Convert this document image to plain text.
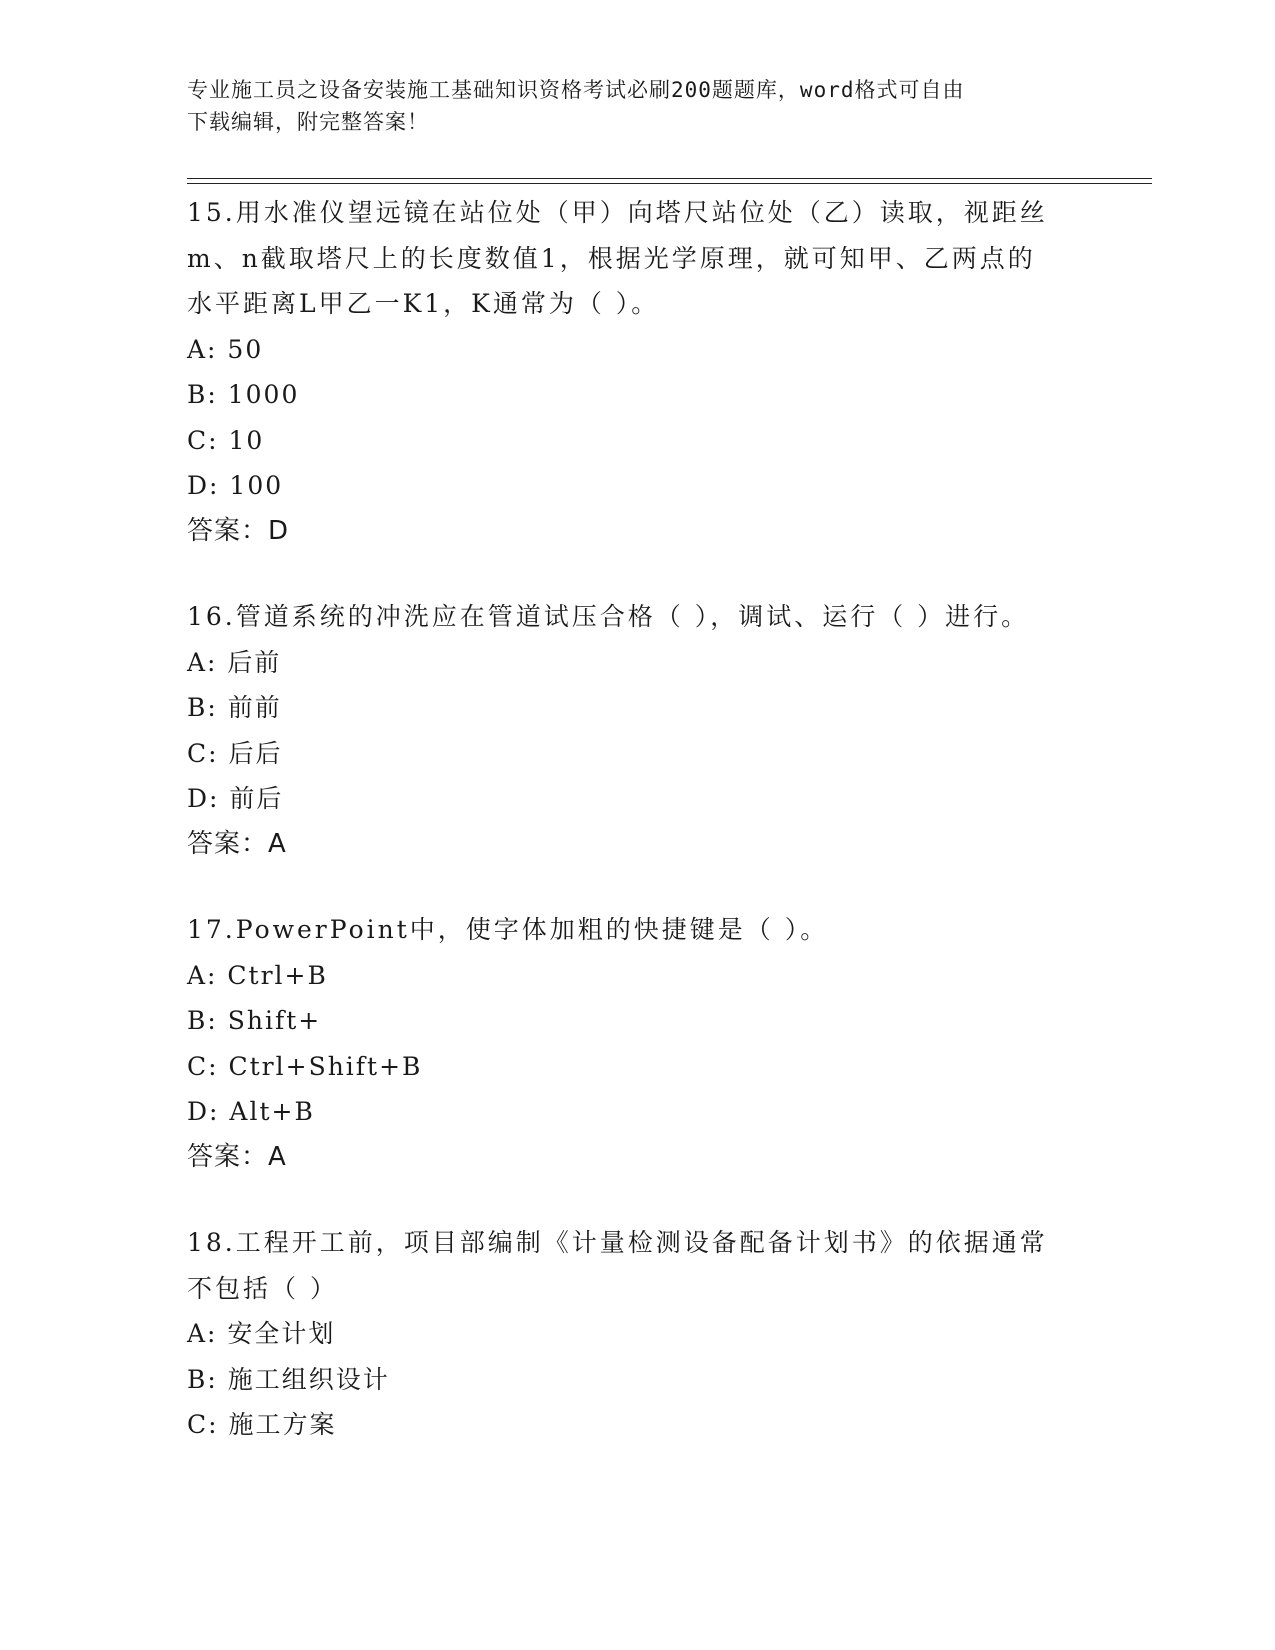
专业施工员之设备安装施工基础知识资格考试必刷200题题库，word格式可自由
下载编辑，附完整答案！
15.用水准仪望远镜在站位处（甲）向塔尺站位处（乙）读取，视距丝
m、n截取塔尺上的长度数值1，根据光学原理，就可知甲、乙两点的
水平距离L甲乙一K1，K通常为（ ）。
A: 50
B: 1000
C: 10
D: 100
答案：D
16.管道系统的冲洗应在管道试压合格（ ），调试、运行（ ）进行。
A: 后前
B: 前前
C: 后后
D: 前后
答案：A
17.PowerPoint中，使字体加粗的快捷键是（ ）。
A: Ctrl+B
B: Shift+
C: Ctrl+Shift+B
D: Alt+B
答案：A
18.工程开工前，项目部编制《计量检测设备配备计划书》的依据通常
不包括（ ）
A: 安全计划
B: 施工组织设计
C: 施工方案
